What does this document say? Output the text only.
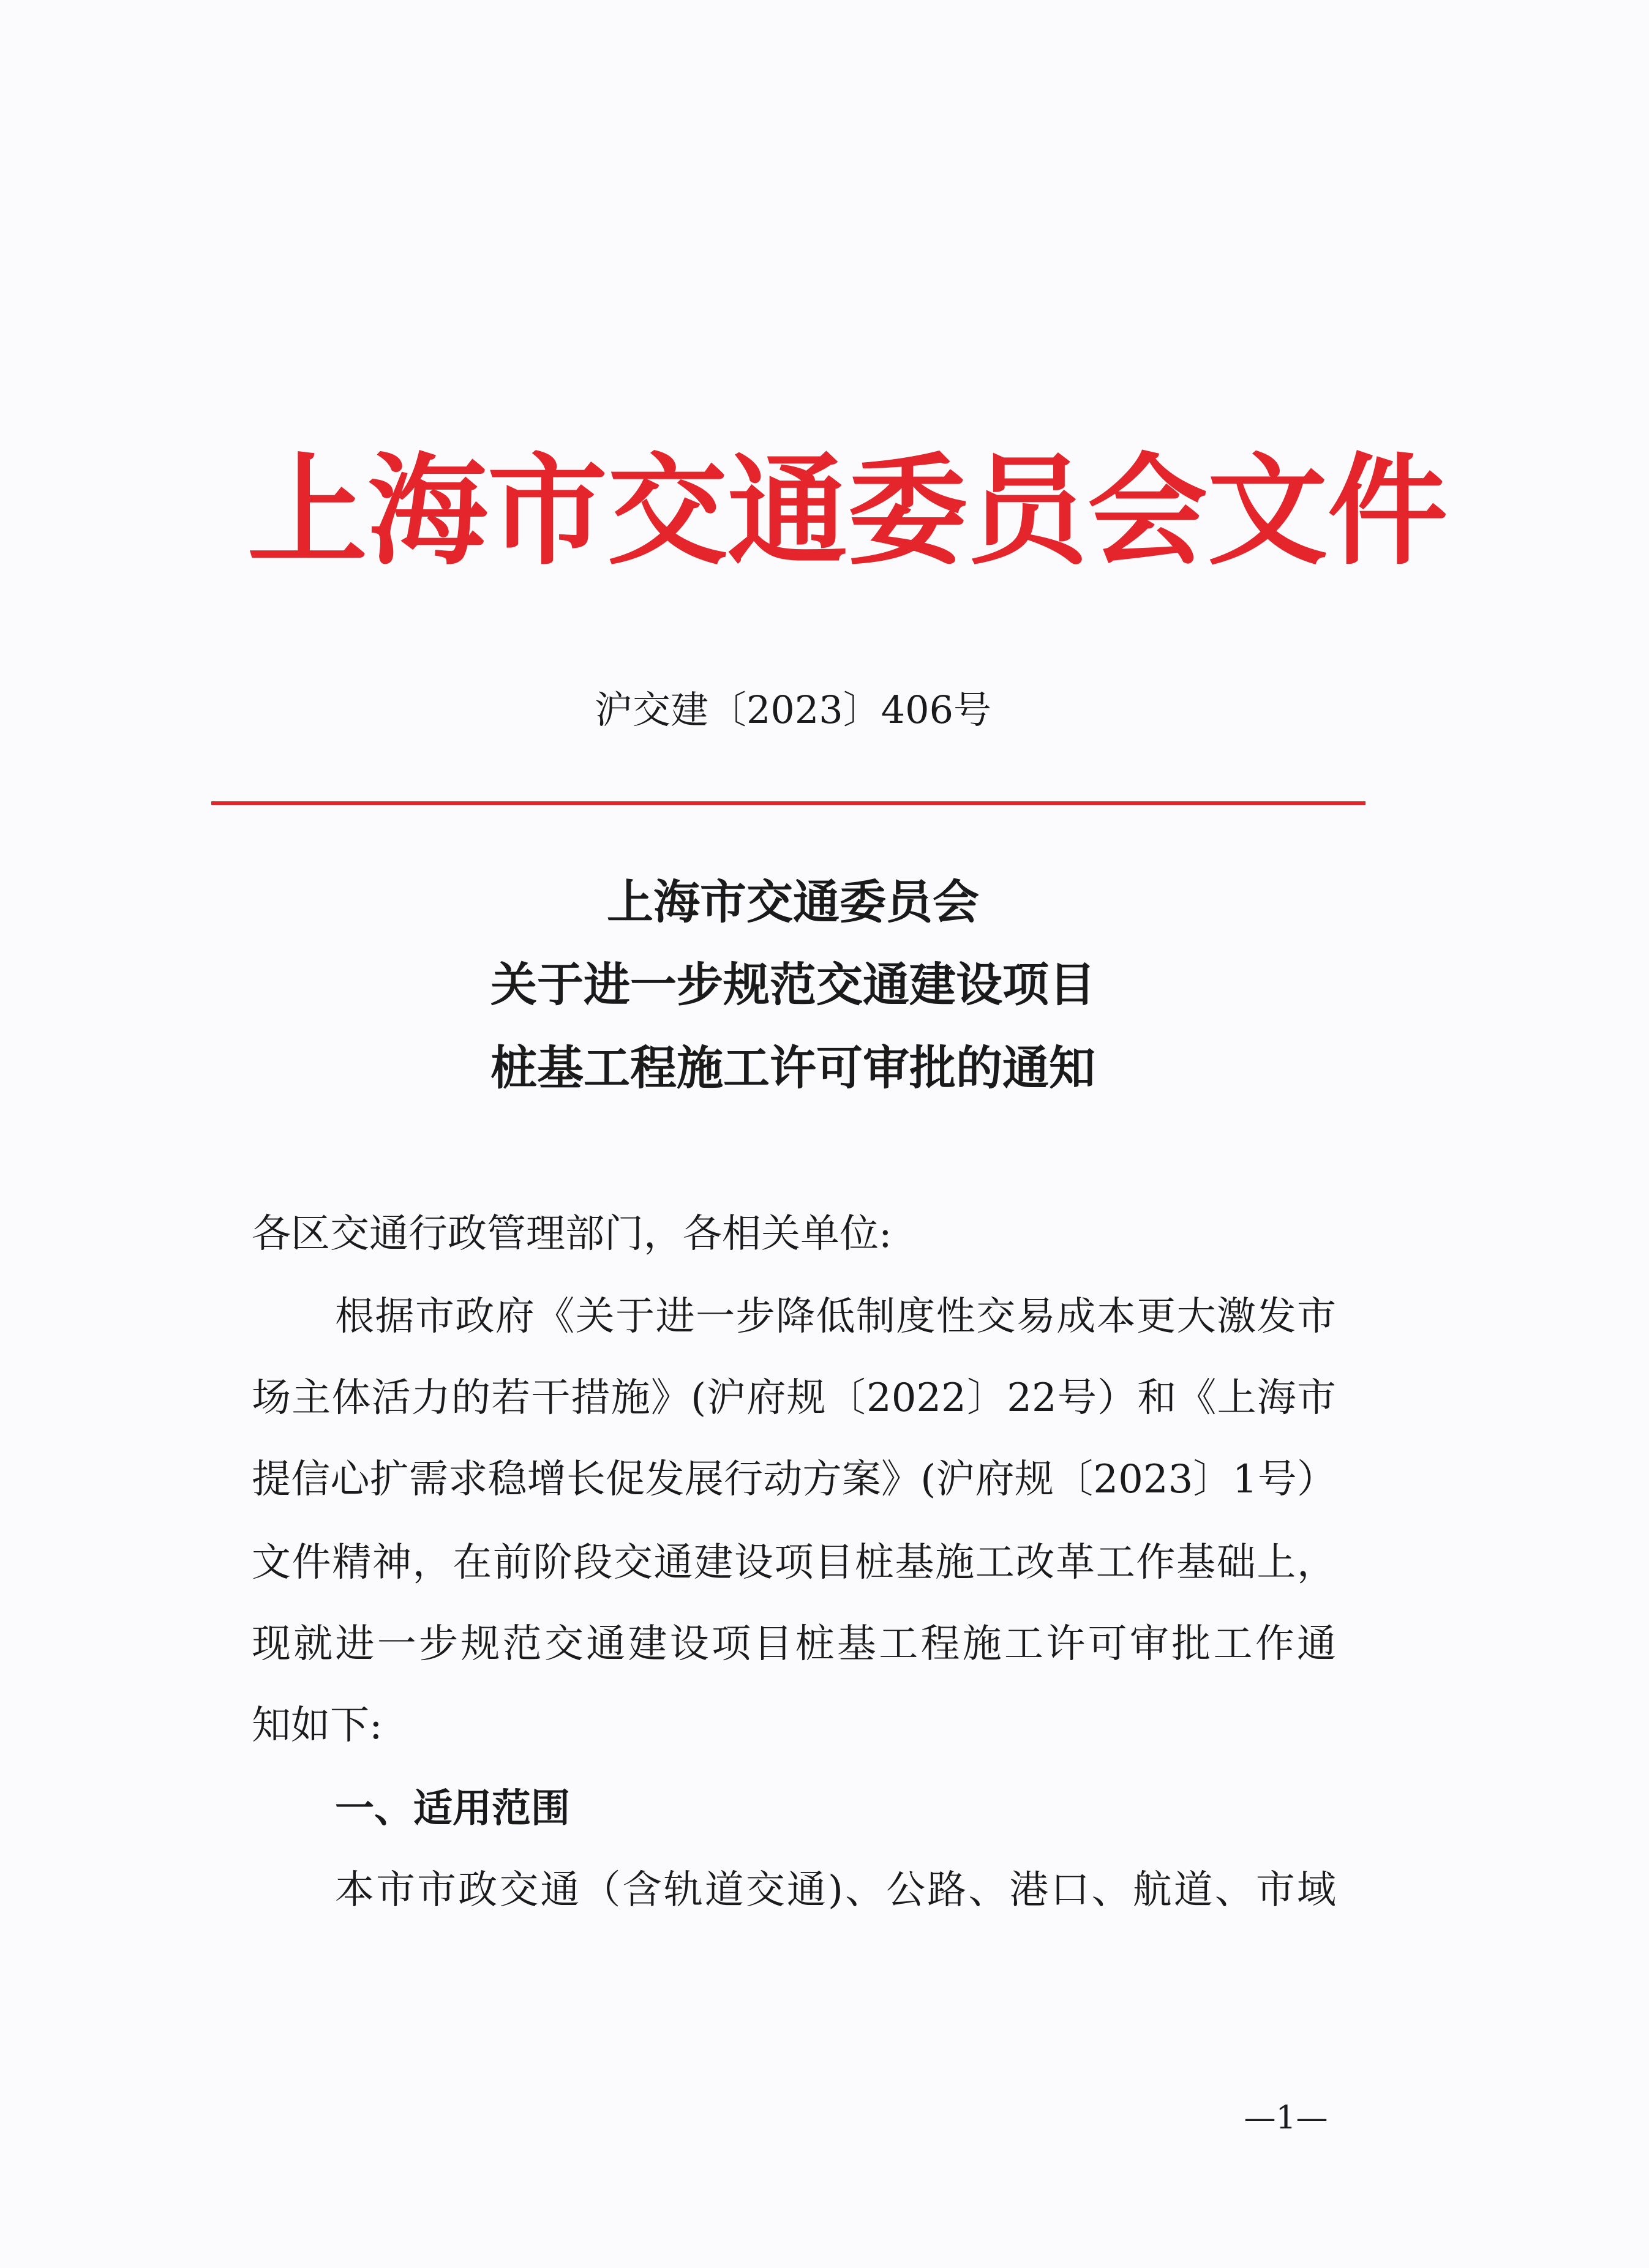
上海市交通委员会文件
沪交建〔2023〕406号
上海市交通委员会
关于进一步规范交通建设项目
桩基工程施工许可审批的通知
各区交通行政管理部门，各相关单位:
根据市政府《关于进一步降低制度性交易成本更大激发市
场主体活力的若干措施》(沪府规〔2022〕22号）和《上海市
提信心扩需求稳增长促发展行动方案》(沪府规〔2023〕1号）
文件精神，在前阶段交通建设项目桩基施工改革工作基础上，
现就进一步规范交通建设项目桩基工程施工许可审批工作通
知如下:
一、适用范围
本市市政交通（含轨道交通)、公路、港口、航道、市域
—1—
